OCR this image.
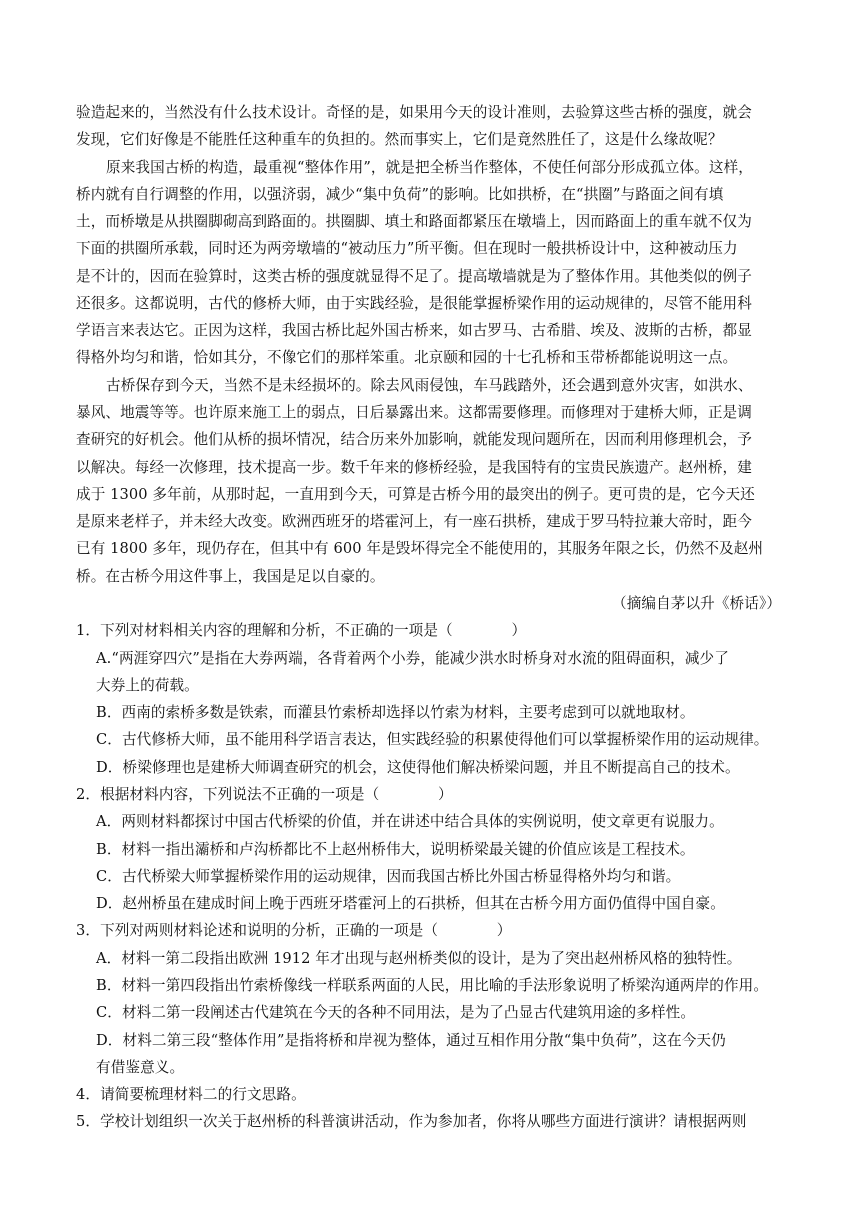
验造起来的，当然没有什么技术设计。奇怪的是，如果用今天的设计准则，去验算这些古桥的强度，就会
发现，它们好像是不能胜任这种重车的负担的。然而事实上，它们是竟然胜任了，这是什么缘故呢？
原来我国古桥的构造，最重视“整体作用”，就是把全桥当作整体，不使任何部分形成孤立体。这样，
桥内就有自行调整的作用，以强济弱，减少“集中负荷”的影响。比如拱桥，在“拱圈”与路面之间有填
土，而桥墩是从拱圈脚砌高到路面的。拱圈脚、填土和路面都紧压在墩墙上，因而路面上的重车就不仅为
下面的拱圈所承载，同时还为两旁墩墙的“被动压力”所平衡。但在现时一般拱桥设计中，这种被动压力
是不计的，因而在验算时，这类古桥的强度就显得不足了。提高墩墙就是为了整体作用。其他类似的例子
还很多。这都说明，古代的修桥大师，由于实践经验，是很能掌握桥梁作用的运动规律的，尽管不能用科
学语言来表达它。正因为这样，我国古桥比起外国古桥来，如古罗马、古希腊、埃及、波斯的古桥，都显
得格外均匀和谐，恰如其分，不像它们的那样笨重。北京颐和园的十七孔桥和玉带桥都能说明这一点。
古桥保存到今天，当然不是未经损坏的。除去风雨侵蚀，车马践踏外，还会遇到意外灾害，如洪水、
暴风、地震等等。也许原来施工上的弱点，日后暴露出来。这都需要修理。而修理对于建桥大师，正是调
查研究的好机会。他们从桥的损坏情况，结合历来外加影响，就能发现问题所在，因而利用修理机会，予
以解决。每经一次修理，技术提高一步。数千年来的修桥经验，是我国特有的宝贵民族遗产。赵州桥，建
成于 1300 多年前，从那时起，一直用到今天，可算是古桥今用的最突出的例子。更可贵的是，它今天还
是原来老样子，并未经大改变。欧洲西班牙的塔霍河上，有一座石拱桥，建成于罗马特拉兼大帝时，距今
已有 1800 多年，现仍存在，但其中有 600 年是毁坏得完全不能使用的，其服务年限之长，仍然不及赵州
桥。在古桥今用这件事上，我国是足以自豪的。
（摘编自茅以升《桥话》）
1．下列对材料相关内容的理解和分析，不正确的一项是（　　　　）
A.“两涯穿四穴”是指在大券两端，各背着两个小券，能减少洪水时桥身对水流的阻碍面积，减少了
大券上的荷载。
B．西南的索桥多数是铁索，而灌县竹索桥却选择以竹索为材料，主要考虑到可以就地取材。
C．古代修桥大师，虽不能用科学语言表达，但实践经验的积累使得他们可以掌握桥梁作用的运动规律。
D．桥梁修理也是建桥大师调查研究的机会，这使得他们解决桥梁问题，并且不断提高自己的技术。
2．根据材料内容，下列说法不正确的一项是（　　　　）
A．两则材料都探讨中国古代桥梁的价值，并在讲述中结合具体的实例说明，使文章更有说服力。
B．材料一指出灞桥和卢沟桥都比不上赵州桥伟大，说明桥梁最关键的价值应该是工程技术。
C．古代桥梁大师掌握桥梁作用的运动规律，因而我国古桥比外国古桥显得格外均匀和谐。
D．赵州桥虽在建成时间上晚于西班牙塔霍河上的石拱桥，但其在古桥今用方面仍值得中国自豪。
3．下列对两则材料论述和说明的分析，正确的一项是（　　　　）
A．材料一第二段指出欧洲 1912 年才出现与赵州桥类似的设计，是为了突出赵州桥风格的独特性。
B．材料一第四段指出竹索桥像线一样联系两面的人民，用比喻的手法形象说明了桥梁沟通两岸的作用。
C．材料二第一段阐述古代建筑在今天的各种不同用法，是为了凸显古代建筑用途的多样性。
D．材料二第三段“整体作用”是指将桥和岸视为整体，通过互相作用分散“集中负荷”，这在今天仍
有借鉴意义。
4．请简要梳理材料二的行文思路。
5．学校计划组织一次关于赵州桥的科普演讲活动，作为参加者，你将从哪些方面进行演讲？请根据两则
